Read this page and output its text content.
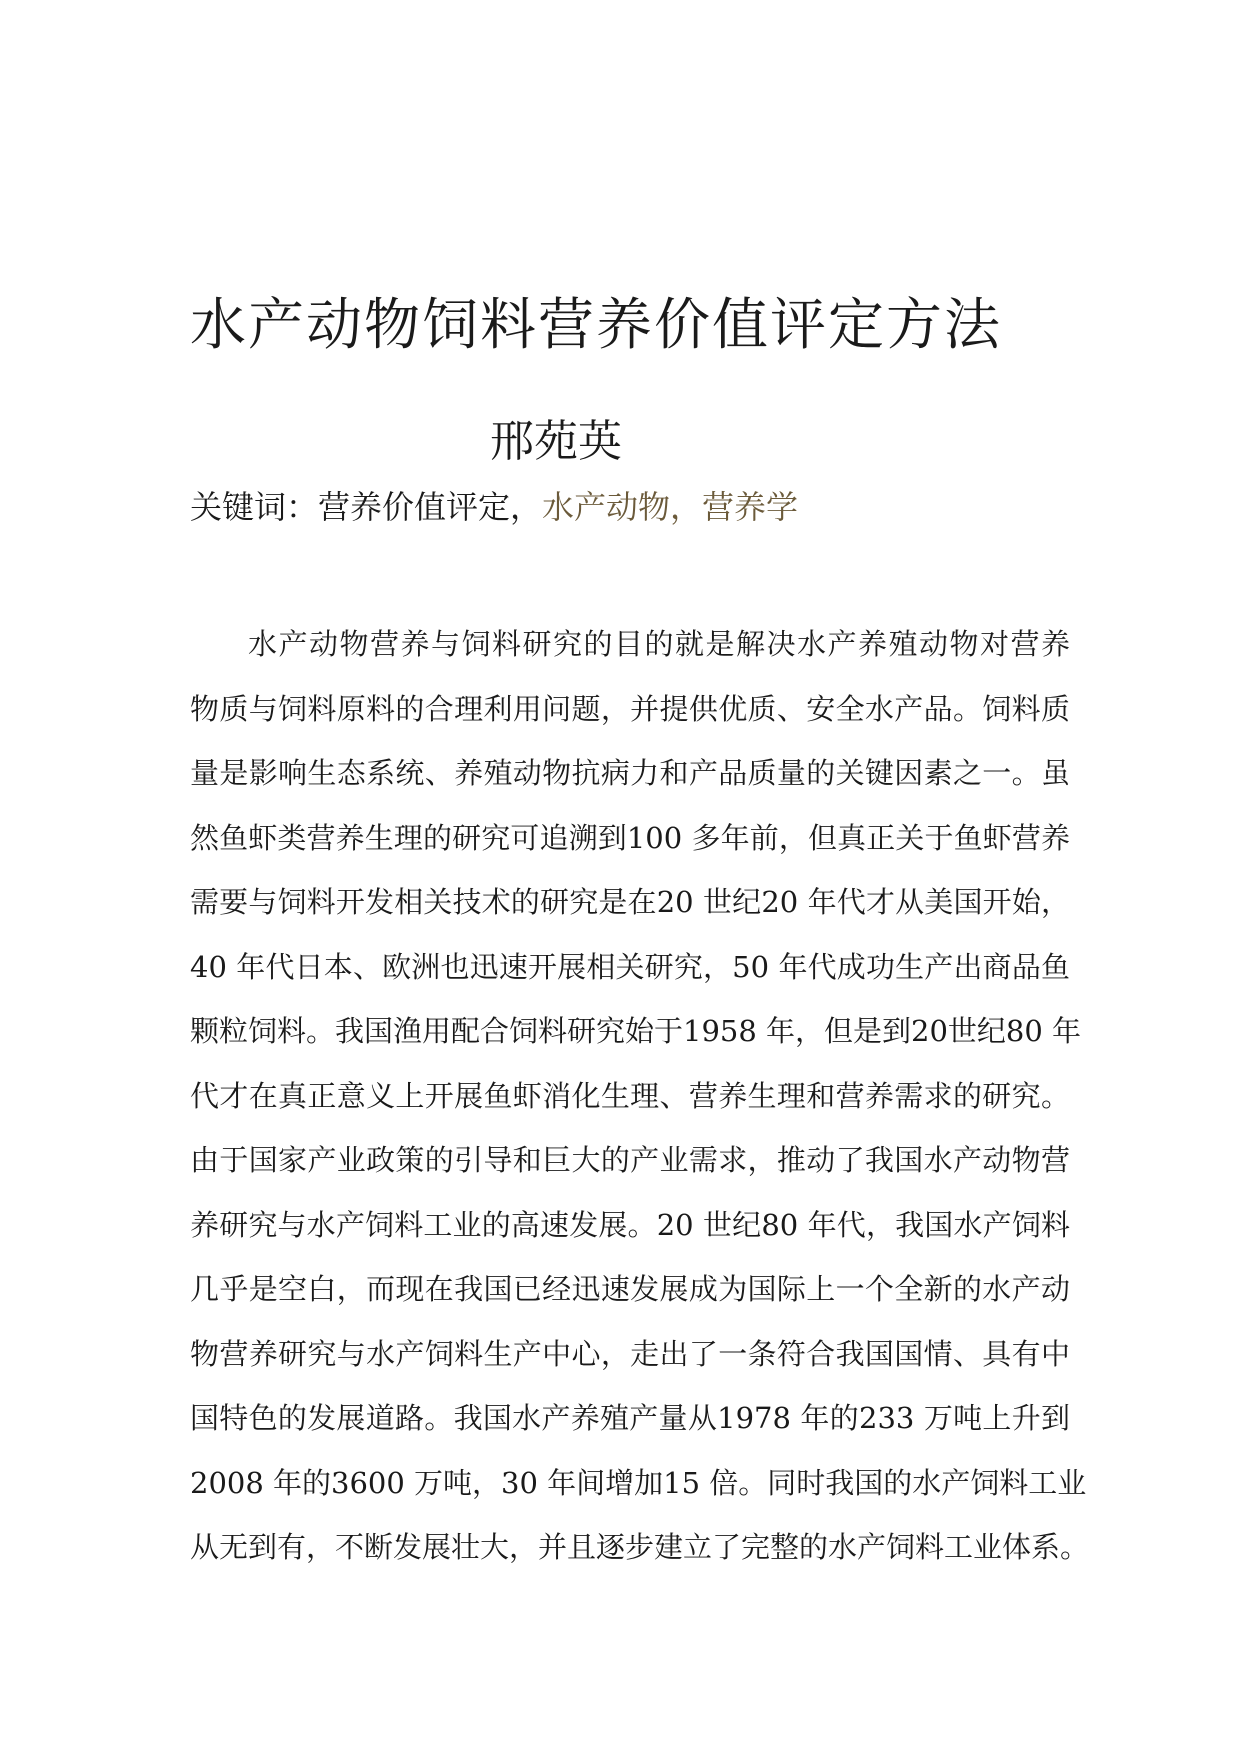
水产动物饲料营养价值评定方法
邢苑英
关键词：营养价值评定，水产动物，营养学
水产动物营养与饲料研究的目的就是解决水产养殖动物对营养
物质与饲料原料的合理利用问题，并提供优质、安全水产品。饲料质
量是影响生态系统、养殖动物抗病力和产品质量的关键因素之一。虽
然鱼虾类营养生理的研究可追溯到100 多年前，但真正关于鱼虾营养
需要与饲料开发相关技术的研究是在20 世纪20 年代才从美国开始，
40 年代日本、欧洲也迅速开展相关研究，50 年代成功生产出商品鱼
颗粒饲料。我国渔用配合饲料研究始于1958 年，但是到20世纪80 年
代才在真正意义上开展鱼虾消化生理、营养生理和营养需求的研究。
由于国家产业政策的引导和巨大的产业需求，推动了我国水产动物营
养研究与水产饲料工业的高速发展。20 世纪80 年代，我国水产饲料
几乎是空白，而现在我国已经迅速发展成为国际上一个全新的水产动
物营养研究与水产饲料生产中心，走出了一条符合我国国情、具有中
国特色的发展道路。我国水产养殖产量从1978 年的233 万吨上升到
2008 年的3600 万吨，30 年间增加15 倍。同时我国的水产饲料工业
从无到有，不断发展壮大，并且逐步建立了完整的水产饲料工业体系。
